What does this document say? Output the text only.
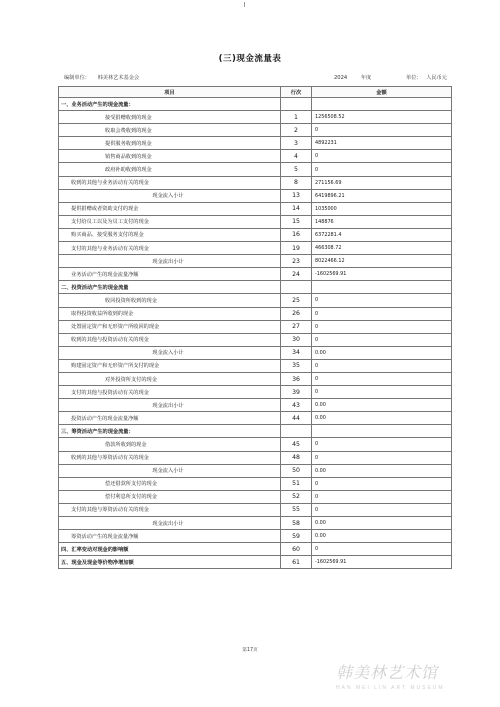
(三)现金流量表
编制单位： 韩美林艺术基金会	2024	年度	单位： 人民币元
项目	行次	金额
一、业务活动产生的现金流量：		
接受捐赠收到的现金	1	1256508.52
收取会费收到的现金	2	0
提供服务收到的现金	3	4892231
销售商品收到的现金	4	0
政府补助收到的现金	5	0
收到的其他与业务活动有关的现金	8	271156.69
现金流入小计	13	6419896.21
提供捐赠或者资助支付的现金	14	1035000
支付给员工以及为员工支付的现金	15	148876
购买商品、接受服务支付的现金	16	6372281.4
支付的其他与业务活动有关的现金	19	466308.72
现金流出小计	23	8022466.12
业务活动产生的现金流量净额	24	-1602569.91
二、投资活动产生的现金流量		
收回投资所收到的现金	25	0
取得投资收益所收到的现金	26	0
处置固定资产和无形资产所收回的现金	27	0
收到的其他与投资活动有关的现金	30	0
现金流入小计	34	0.00
购建固定资产和无形资产所支付的现金	35	0
对外投资所支付的现金	36	0
支付的其他与投资活动有关的现金	39	0
现金流出小计	43	0.00
投资活动产生的现金流量净额	44	0.00
三、筹资活动产生的现金流量：		
借款所收到的现金	45	0
收到的其他与筹资活动有关的现金	48	0
现金流入小计	50	0.00
偿还借款所支付的现金	51	0
偿付利息所支付的现金	52	0
支付的其他与筹资活动有关的现金	55	0
现金流出小计	58	0.00
筹资活动产生的现金流量净额	59	0.00
四、汇率变动对现金的影响额	60	0
五、现金及现金等价物净增加额	61	-1602569.91
第17页
韩美林艺术馆
HAN MEI LIN ART MUSEUM
